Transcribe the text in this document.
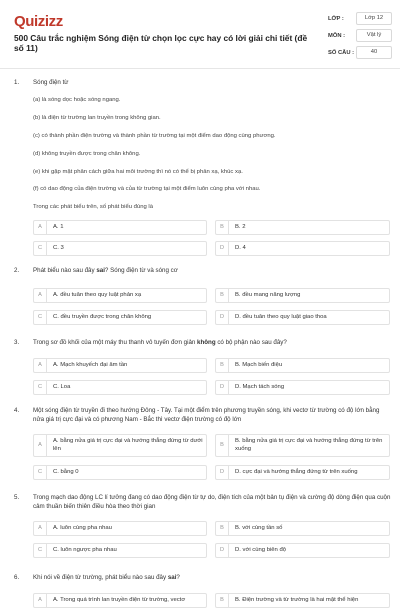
Quizizz
500 Câu trắc nghiệm Sóng điện từ chọn lọc cực hay có lời giải chi tiết (đề số 11)
LỚP :	Lớp 12
MÔN :	Vật lý
SỐ CÂU :	40
1. Sóng điện từ
(a) là sóng dọc hoặc sóng ngang.
(b) là điện từ trường lan truyền trong không gian.
(c) có thành phần điện trường và thành phần từ trường tại một điểm dao động cùng phương.
(d) không truyền được trong chân không.
(e) khi gặp mặt phân cách giữa hai môi trường thì nó có thể bị phản xạ, khúc xạ.
(f) có dao động của điện trường và của từ trường tại một điểm luôn cùng pha với nhau.
Trong các phát biểu trên, số phát biểu đúng là
A	A. 1	B	B. 2
C	C. 3	D	D. 4
2. Phát biểu nào sau đây sai? Sóng điện từ và sóng cơ
A	A. đều tuân theo quy luật phản xạ	B	B. đều mang năng lượng
C	C. đều truyền được trong chân không	D	D. đều tuân theo quy luật giao thoa
3. Trong sơ đồ khối của một máy thu thanh vô tuyến đơn giản không có bộ phận nào sau đây?
A	A. Mạch khuyếch đại âm tần	B	B. Mạch biến điệu
C	C. Loa	D	D. Mạch tách sóng
4. Một sóng điện từ truyền đi theo hướng Đông - Tây. Tại một điểm trên phương truyền sóng, khi vectơ từ trường có độ lớn bằng nửa giá trị cực đại và có phương Nam - Bắc thì vectơ điện trường có độ lớn
A
A. bằng nửa giá trị cực đại và hướng thẳng đứng từ dưới lên
B
B. bằng nửa giá trị cực đại và hướng thẳng đứng từ trên xuống
C	C. bằng 0	D	D. cực đại và hướng thẳng đứng từ trên xuống
5. Trong mạch dao động LC lí tưởng đang có dao động điện từ tự do, điện tích của một bản tụ điện và cường độ dòng điện qua cuộn cảm thuần biến thiên điều hòa theo thời gian
A	A. luôn cùng pha nhau	B	B. với cùng tần số
C	C. luôn ngược pha nhau	D	D. với cùng biên độ
6. Khi nói về điện từ trường, phát biểu nào sau đây sai?
A	A. Trong quá trình lan truyền điện từ trường, vectơ	B	B. Điện trường và từ trường là hai mặt thể hiện
